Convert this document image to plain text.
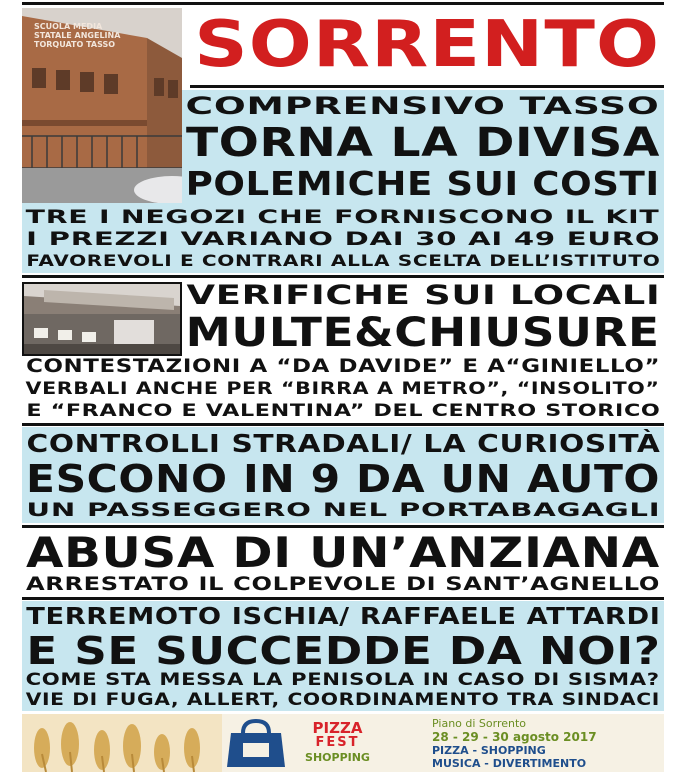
SCUOLA MEDIA STATALE ANGELINA TORQUATO TASSO SORRENTO
COMPRENSIVO TASSO
TORNA LA DIVISA
POLEMICHE SUI COSTI
TRE I NEGOZI CHE FORNISCONO IL KIT
I PREZZI VARIANO DAI 30 AI 49 EURO
FAVOREVOLI E CONTRARI ALLA SCELTA DELL’ISTITUTO
VERIFICHE SUI LOCALI
MULTE&CHIUSURE
CONTESTAZIONI A “DA DAVIDE” E A“GINIELLO”
VERBALI ANCHE PER “BIRRA A METRO”, “INSOLITO”
E “FRANCO E VALENTINA” DEL CENTRO STORICO
CONTROLLI STRADALI/ LA CURIOSITÀ
ESCONO IN 9 DA UN AUTO
UN PASSEGGERO NEL PORTABAGAGLI
ABUSA DI UN’ANZIANA
ARRESTATO IL COLPEVOLE DI SANT’AGNELLO
TERREMOTO ISCHIA/ RAFFAELE ATTARDI
E SE SUCCEDDE DA NOI?
COME STA MESSA LA PENISOLA IN CASO DI SISMA?
VIE DI FUGA, ALLERT, COORDINAMENTO TRA SINDACI
PIZZA
FEST
SHOPPING
Piano di Sorrento
28 - 29 - 30 agosto 2017
PIZZA - SHOPPING
MUSICA - DIVERTIMENTO
